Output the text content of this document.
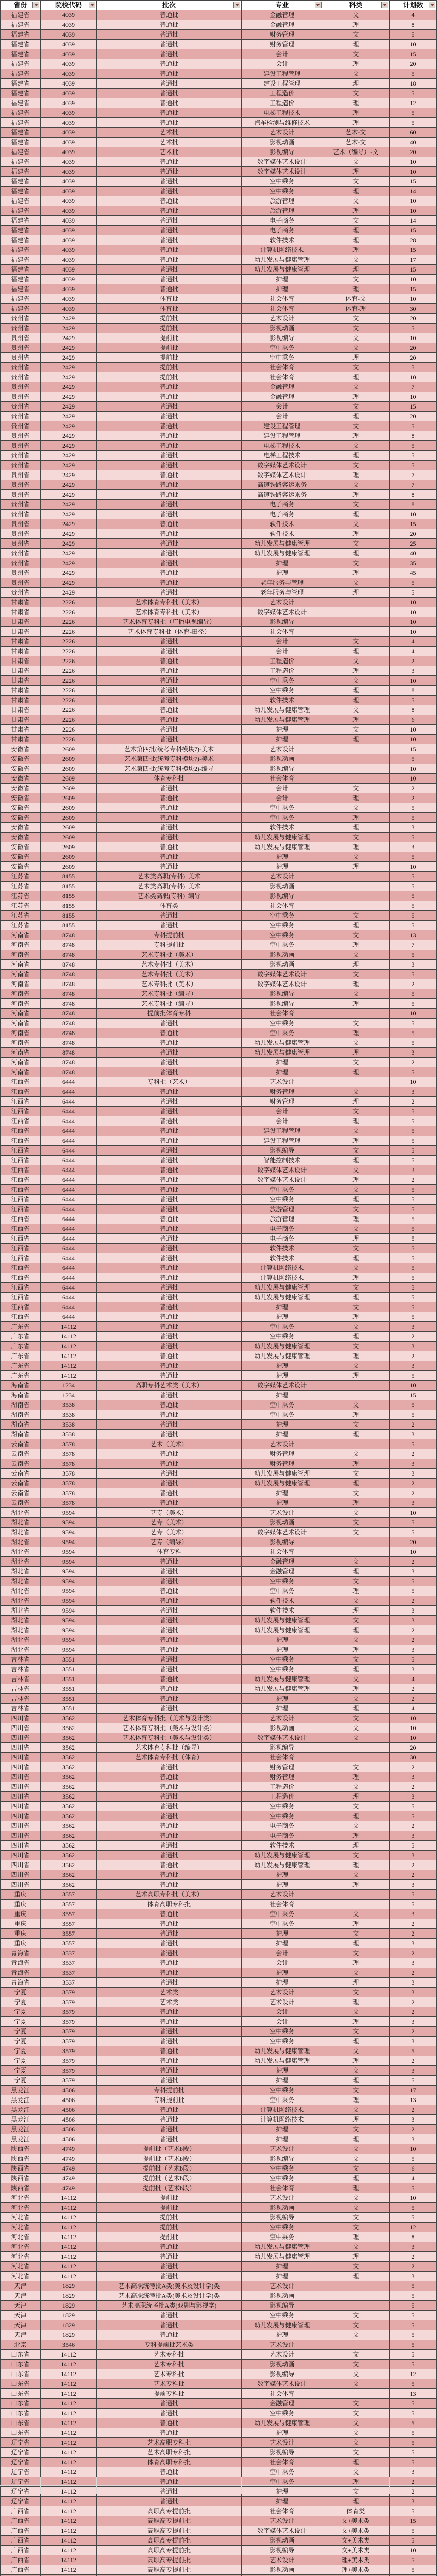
省份	院校代码	批次	专业	科类	计划数

福建省	4039	普通批	金融管理	文	4
福建省	4039	普通批	金融管理	理	8
福建省	4039	普通批	财务管理	文	5
福建省	4039	普通批	财务管理	理	10
福建省	4039	普通批	会计	文	15
福建省	4039	普通批	会计	理	20
福建省	4039	普通批	建设工程管理	文	5
福建省	4039	普通批	建设工程管理	理	18
福建省	4039	普通批	工程造价	文	5
福建省	4039	普通批	工程造价	理	12
福建省	4039	普通批	电梯工程技术	理	5
福建省	4039	普通批	汽车检测与维修技术	理	5
福建省	4039	艺术批	艺术设计	艺术-文	60
福建省	4039	艺术批	影视动画	艺术-文	40
福建省	4039	艺术批	影视编导	艺术（编导）-文	20
福建省	4039	普通批	数字媒体艺术设计	文	10
福建省	4039	普通批	数字媒体艺术设计	理	10
福建省	4039	普通批	空中乘务	文	15
福建省	4039	普通批	空中乘务	理	14
福建省	4039	普通批	旅游管理	文	10
福建省	4039	普通批	旅游管理	理	10
福建省	4039	普通批	电子商务	文	14
福建省	4039	普通批	电子商务	理	15
福建省	4039	普通批	软件技术	理	28
福建省	4039	普通批	计算机网络技术	理	15
福建省	4039	普通批	幼儿发展与健康管理	文	17
福建省	4039	普通批	幼儿发展与健康管理	理	15
福建省	4039	普通批	护理	文	10
福建省	4039	普通批	护理	理	15
福建省	4039	体育批	社会体育	体育-文	10
福建省	4039	体育批	社会体育	体育-理	30
贵州省	2429	提前批	艺术设计	文	20
贵州省	2429	提前批	影视动画	文	5
贵州省	2429	提前批	影视编导	文	10
贵州省	2429	提前批	空中乘务	文	20
贵州省	2429	提前批	空中乘务	理	20
贵州省	2429	提前批	社会体育	文	5
贵州省	2429	提前批	社会体育	理	10
贵州省	2429	普通批	金融管理	文	7
贵州省	2429	普通批	金融管理	理	10
贵州省	2429	普通批	会计	文	15
贵州省	2429	普通批	会计	理	20
贵州省	2429	普通批	建设工程管理	文	5
贵州省	2429	普通批	建设工程管理	理	8
贵州省	2429	普通批	电梯工程技术	文	5
贵州省	2429	普通批	电梯工程技术	理	5
贵州省	2429	普通批	数字媒体艺术设计	文	5
贵州省	2429	普通批	数字媒体艺术设计	理	7
贵州省	2429	普通批	高速铁路客运乘务	文	7
贵州省	2429	普通批	高速铁路客运乘务	理	8
贵州省	2429	普通批	电子商务	文	8
贵州省	2429	普通批	电子商务	理	10
贵州省	2429	普通批	软件技术	文	15
贵州省	2429	普通批	软件技术	理	20
贵州省	2429	普通批	幼儿发展与健康管理	文	25
贵州省	2429	普通批	幼儿发展与健康管理	理	40
贵州省	2429	普通批	护理	文	35
贵州省	2429	普通批	护理	理	45
贵州省	2429	普通批	老年服务与管理	文	5
贵州省	2429	普通批	老年服务与管理	理	5
甘肃省	2226	艺术体育专科批（美术）	艺术设计		10
甘肃省	2226	艺术体育专科批（美术）	数字媒体艺术设计		10
甘肃省	2226	艺术体育专科批（广播电视编导）	影视编导		10
甘肃省	2226	艺术体育专科批（体育-田径）	社会体育		10
甘肃省	2226	普通批	会计	文	4
甘肃省	2226	普通批	会计	理	4
甘肃省	2226	普通批	工程造价	文	2
甘肃省	2226	普通批	工程造价	理	3
甘肃省	2226	普通批	空中乘务	文	10
甘肃省	2226	普通批	空中乘务	理	8
甘肃省	2226	普通批	软件技术	理	5
甘肃省	2226	普通批	幼儿发展与健康管理	文	8
甘肃省	2226	普通批	幼儿发展与健康管理	理	6
甘肃省	2226	普通批	护理	文	10
甘肃省	2226	普通批	护理	理	10
安徽省	2609	艺术第四批(统考专科模块7)-美术	艺术设计		15
安徽省	2609	艺术第四批(统考专科模块7)-美术	影视动画		5
安徽省	2609	艺术第四批(统考专科模块2)-编导	影视编导		10
安徽省	2609	体育专科批	社会体育		10
安徽省	2609	普通批	会计	文	2
安徽省	2609	普通批	会计	理	2
安徽省	2609	普通批	空中乘务	文	5
安徽省	2609	普通批	空中乘务	理	5
安徽省	2609	普通批	软件技术	理	3
安徽省	2609	普通批	幼儿发展与健康管理	文	5
安徽省	2609	普通批	幼儿发展与健康管理	理	3
安徽省	2609	普通批	护理	文	5
安徽省	2609	普通批	护理	理	10
江苏省	8155	艺术类高职(专科)_美术	艺术设计		5
江苏省	8155	艺术类高职(专科)_美术	影视动画		5
江苏省	8155	艺术类高职(专科)_编导	影视编导		5
江苏省	8155	体育类	社会体育		5
江苏省	8155	普通批	空中乘务	文	5
江苏省	8155	普通批	空中乘务	理	5
河南省	8748	专科提前批	空中乘务	文	13
河南省	8748	专科提前批	空中乘务	理	7
河南省	8748	艺术专科批（美术）	影视动画	文	5
河南省	8748	艺术专科批（美术）	影视动画	理	3
河南省	8748	艺术专科批（美术）	数字媒体艺术设计	文	5
河南省	8748	艺术专科批（美术）	数字媒体艺术设计	理	2
河南省	8748	艺术专科批（编导）	影视编导	文	5
河南省	8748	艺术专科批（编导）	影视编导	理	5
河南省	8748	提前批体育专科	社会体育		10
河南省	8748	普通批	空中乘务	文	5
河南省	8748	普通批	空中乘务	理	5
河南省	8748	普通批	幼儿发展与健康管理	文	5
河南省	8748	普通批	幼儿发展与健康管理	理	3
河南省	8748	普通批	护理	文	2
河南省	8748	普通批	护理	理	5
江西省	6444	专科批（艺术）	艺术设计		10
江西省	6444	普通批	财务管理	文	3
江西省	6444	普通批	财务管理	理	2
江西省	6444	普通批	会计	文	5
江西省	6444	普通批	会计	理	5
江西省	6444	普通批	建设工程管理	文	5
江西省	6444	普通批	建设工程管理	理	5
江西省	6444	普通批	影视编导	文	5
江西省	6444	普通批	智能控制技术	理	5
江西省	6444	普通批	数字媒体艺术设计	文	3
江西省	6444	普通批	数字媒体艺术设计	理	2
江西省	6444	普通批	空中乘务	文	5
江西省	6444	普通批	空中乘务	理	5
江西省	6444	普通批	旅游管理	文	5
江西省	6444	普通批	旅游管理	理	5
江西省	6444	普通批	电子商务	文	5
江西省	6444	普通批	电子商务	理	5
江西省	6444	普通批	软件技术	文	5
江西省	6444	普通批	软件技术	理	5
江西省	6444	普通批	计算机网络技术	文	5
江西省	6444	普通批	计算机网络技术	理	5
江西省	6444	普通批	幼儿发展与健康管理	文	5
江西省	6444	普通批	幼儿发展与健康管理	理	5
江西省	6444	普通批	护理	文	5
江西省	6444	普通批	护理	理	5
广东省	14112	普通批	空中乘务	文	3
广东省	14112	普通批	空中乘务	理	2
广东省	14112	普通批	幼儿发展与健康管理	文	3
广东省	14112	普通批	幼儿发展与健康管理	理	2
广东省	14112	普通批	护理	文	3
广东省	14112	普通批	护理	理	5
海南省	1234	高职专科艺术类（美术）	数字媒体艺术设计		10
海南省	1234	普通批	护理		15
湖南省	3538	普通批	空中乘务	文	5
湖南省	3538	普通批	空中乘务	理	5
湖南省	3538	普通批	护理	文	2
湖南省	3538	普通批	护理	理	3
云南省	3578	艺术（美术）	艺术设计		5
云南省	3578	普通批	财务管理	文	2
云南省	3578	普通批	财务管理	理	3
云南省	3578	普通批	幼儿发展与健康管理	文	3
云南省	3578	普通批	幼儿发展与健康管理	理	2
云南省	3578	普通批	护理	文	2
云南省	3578	普通批	护理	理	3
湖北省	9594	艺专（美术）	艺术设计	文	10
湖北省	9594	艺专（美术）	影视动画	文	5
湖北省	9594	艺专（美术）	数字媒体艺术设计	文	5
湖北省	9594	艺专（编导）	影视编导		20
湖北省	9594	体育专科	社会体育		10
湖北省	9594	普通批	金融管理	文	2
湖北省	9594	普通批	金融管理	理	3
湖北省	9594	普通批	空中乘务	文	5
湖北省	9594	普通批	空中乘务	理	5
湖北省	9594	普通批	软件技术	文	2
湖北省	9594	普通批	软件技术	理	3
湖北省	9594	普通批	幼儿发展与健康管理	文	3
湖北省	9594	普通批	幼儿发展与健康管理	理	2
湖北省	9594	普通批	护理	文	2
湖北省	9594	普通批	护理	理	3
吉林省	3551	普通批	空中乘务	文	5
吉林省	3551	普通批	空中乘务	理	3
吉林省	3551	普通批	幼儿发展与健康管理	文	4
吉林省	3551	普通批	幼儿发展与健康管理	理	2
吉林省	3551	普通批	护理	文	2
吉林省	3551	普通批	护理	理	4
四川省	3562	艺术体育专科批（美术与设计类）	艺术设计	文	10
四川省	3562	艺术体育专科批（美术与设计类）	影视动画	文	10
四川省	3562	艺术体育专科批（美术与设计类）	数字媒体艺术设计	文	10
四川省	3562	艺术体育专科批（编导）	影视编导		20
四川省	3562	艺术体育专科批（体育）	社会体育		30
四川省	3562	普通批	财务管理	文	2
四川省	3562	普通批	财务管理	理	3
四川省	3562	普通批	工程造价	文	2
四川省	3562	普通批	工程造价	理	3
四川省	3562	普通批	空中乘务	文	5
四川省	3562	普通批	空中乘务	理	5
四川省	3562	普通批	电子商务	文	2
四川省	3562	普通批	电子商务	理	3
四川省	3562	普通批	软件技术	理	5
四川省	3562	普通批	幼儿发展与健康管理	文	3
四川省	3562	普通批	幼儿发展与健康管理	理	2
四川省	3562	普通批	护理	文	2
四川省	3562	普通批	护理	理	3
重庆	3557	艺术高职专科批（美术）	艺术设计		5
重庆	3557	体育高职专科批	社会体育		5
重庆	3557	普通批	空中乘务	文	3
重庆	3557	普通批	空中乘务	理	2
重庆	3557	普通批	护理	文	2
重庆	3557	普通批	护理	理	3
青海省	3537	普通批	会计	文	2
青海省	3537	普通批	会计	理	3
青海省	3537	普通批	护理	文	2
青海省	3537	普通批	护理	理	3
宁夏	3579	艺术类	艺术设计	文	3
宁夏	3579	艺术类	艺术设计	理	2
宁夏	3579	普通批	会计	文	2
宁夏	3579	普通批	会计	理	3
宁夏	3579	普通批	空中乘务	文	2
宁夏	3579	普通批	空中乘务	理	3
宁夏	3579	普通批	幼儿发展与健康管理	文	5
宁夏	3579	普通批	幼儿发展与健康管理	理	2
宁夏	3579	普通批	护理	文	3
宁夏	3579	普通批	护理	理	5
黑龙江	4506	专科提前批	空中乘务	文	17
黑龙江	4506	专科提前批	空中乘务	理	13
黑龙江	4506	普通批	计算机网络技术	文	2
黑龙江	4506	普通批	计算机网络技术	理	3
黑龙江	4506	普通批	护理	文	2
黑龙江	4506	普通批	护理	理	3
陕西省	4749	提前批（艺术b段）	艺术设计	文	10
陕西省	4749	提前批（艺术b段）	影视编导	文	5
陕西省	4749	提前批（艺术b段）	空中乘务	文	6
陕西省	4749	提前批（艺术b段）	空中乘务	理	4
陕西省	4749	提前批（艺术b段）	社会体育	理	5
河北省	14112	提前批	艺术设计	文	10
河北省	14112	提前批	影视动画	文	5
河北省	14112	提前批	影视编导	文	5
河北省	14112	提前批	空中乘务	文	12
河北省	14112	提前批	空中乘务	理	8
河北省	14112	普通批	幼儿发展与健康管理	文	3
河北省	14112	普通批	幼儿发展与健康管理	理	2
河北省	14112	普通批	护理	文	2
河北省	14112	普通批	护理	理	3
天津	1829	艺术高职统考批A类(美术及设计学)类	艺术设计		5
天津	1829	艺术高职统考批A类(美术及设计学)类	影视动画		5
天津	1829	艺术高职统考批A类(戏剧与影视学)	影视编导		5
天津	1829	普通批	空中乘务	文	5
天津	1829	普通批	幼儿发展与健康管理	文	5
天津	1829	普通批	护理	文	5
北京	3546	专科提前批艺术类	艺术设计		5
山东省	14112	艺术专科批	艺术设计	文	5
山东省	14112	艺术专科批	影视动画	文	5
山东省	14112	艺术专科批	影视编导	文	12
山东省	14112	艺术专科批	数字媒体艺术设计	文	5
山东省	14112	提前专科批	社会体育		13
山东省	14112	普通批	金融管理	文	5
山东省	14112	普通批	空中乘务	文	5
山东省	14112	普通批	幼儿发展与健康管理	文	5
山东省	14112	普通批	护理	文	5
辽宁省	14112	艺术高职专科批	艺术设计	文	5
辽宁省	14112	艺术高职专科批	影视编导	文	5
辽宁省	14112	体育高职专科批	社会体育	理	5
辽宁省	14112	普通批	空中乘务	文	3
辽宁省	14112	普通批	空中乘务	理	2
辽宁省	14112	普通批	护理	文	2
辽宁省	14112	普通批	护理	理	3
广西省	14112	高职高专提前批	社会体育	体育类	5
广西省	14112	高职高专提前批	艺术设计	文+美术类	15
广西省	14112	高职高专提前批	数字媒体艺术设计	文+美术类	5
广西省	14112	高职高专提前批	影视动画	文+美术类	5
广西省	14112	高职高专提前批	影视编导	文+美术类	10
广西省	14112	高职高专提前批	艺术设计	理+美术类	5
广西省	14112	高职高专提前批	影视动画	理+美术类	5
